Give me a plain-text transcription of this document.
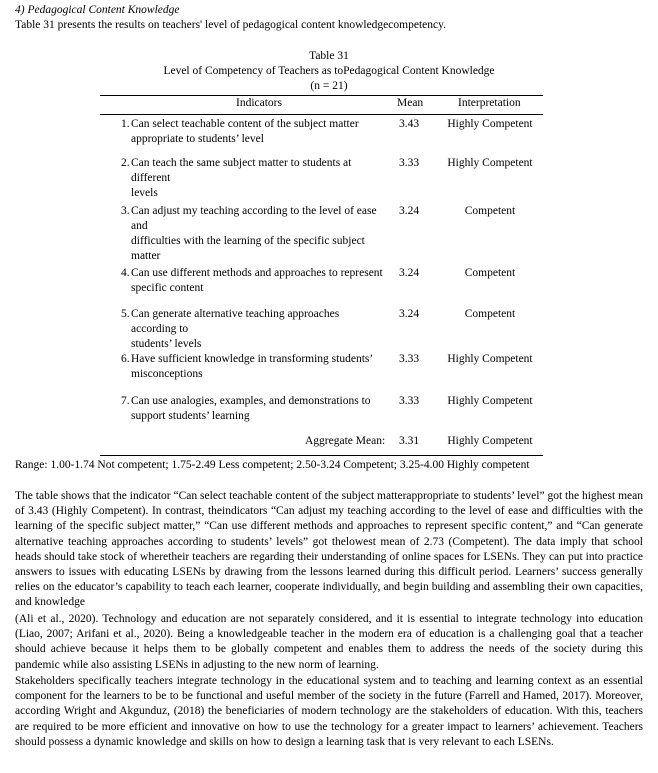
4) Pedagogical Content Knowledge
Table 31 presents the results on teachers' level of pedagogical content knowledgecompetency.
Table 31
Level of Competency of Teachers as toPedagogical Content Knowledge
(n = 21)
Indicators	Mean	Interpretation
1.Can select teachable content of the subject matter
appropriate to students’ level
3.43	Highly Competent
2.Can teach the same subject matter to students at
different
levels
3.33	Highly Competent
3.Can adjust my teaching according to the level of ease
and
difficulties with the learning of the specific subject
matter
3.24	Competent
4.Can use different methods and approaches to represent
specific content
3.24	Competent
5.Can generate alternative teaching approaches
according to
students’ levels
3.24	Competent
6.Have sufficient knowledge in transforming students’
misconceptions
3.33	Highly Competent
7.Can use analogies, examples, and demonstrations to
support students’ learning
3.33	Highly Competent
Aggregate Mean: 3.31	Highly Competent
Range: 1.00-1.74 Not competent; 1.75-2.49 Less competent; 2.50-3.24 Competent; 3.25-4.00 Highly competent

The table shows that the indicator “Can select teachable content of the subject matterappropriate to students’ level” got the highest mean of 3.43 (Highly Competent). In contrast, theindicators “Can adjust my teaching according to the level of ease and difficulties with the learning of the specific subject matter,” “Can use different methods and approaches to represent specific content,” and “Can generate alternative teaching approaches according to students’ levels” got thelowest mean of 2.73 (Competent). The data imply that school heads should take stock of wheretheir teachers are regarding their understanding of online spaces for LSENs. They can put into practice answers to issues with educating LSENs by drawing from the lessons learned during this difficult period. Learners’ success generally relies on the educator’s capability to teach each learner, cooperate individually, and begin building and assembling their own capacities, and knowledge

(Ali et al., 2020). Technology and education are not separately considered, and it is essential to integrate technology into education (Liao, 2007; Arifani et al., 2020). Being a knowledgeable teacher in the modern era of education is a challenging goal that a teacher should achieve because it helps them to be globally competent and enables them to address the needs of the society during this pandemic while also assisting LSENs in adjusting to the new norm of learning.

Stakeholders specifically teachers integrate technology in the educational system and to teaching and learning context as an essential component for the learners to be to be functional and useful member of the society in the future (Farrell and Hamed, 2017). Moreover, according Wright and Akgunduz, (2018) the beneficiaries of modern technology are the stakeholders of education. With this, teachers are required to be more efficient and innovative on how to use the technology for a greater impact to learners’ achievement. Teachers should possess a dynamic knowledge and skills on how to design a learning task that is very relevant to each LSENs.
